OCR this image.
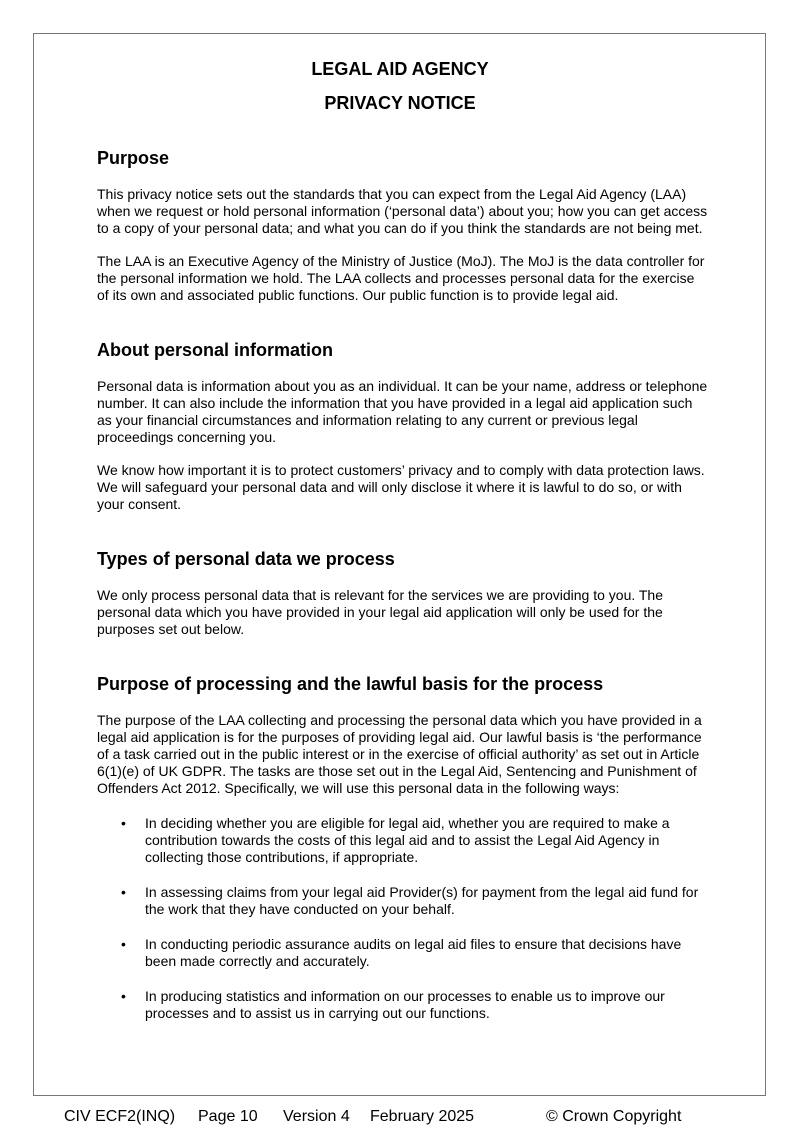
LEGAL AID AGENCY
PRIVACY NOTICE
Purpose

This privacy notice sets out the standards that you can expect from the Legal Aid Agency (LAA) when we request or hold personal information (‘personal data’) about you; how you can get access to a copy of your personal data; and what you can do if you think the standards are not being met.

The LAA is an Executive Agency of the Ministry of Justice (MoJ). The MoJ is the data controller for the personal information we hold. The LAA collects and processes personal data for the exercise of its own and associated public functions. Our public function is to provide legal aid.

About personal information

Personal data is information about you as an individual. It can be your name, address or telephone number. It can also include the information that you have provided in a legal aid application such as your financial circumstances and information relating to any current or previous legal proceedings concerning you.

We know how important it is to protect customers’ privacy and to comply with data protection laws. We will safeguard your personal data and will only disclose it where it is lawful to do so, or with your consent.

Types of personal data we process

We only process personal data that is relevant for the services we are providing to you. The personal data which you have provided in your legal aid application will only be used for the purposes set out below.

Purpose of processing and the lawful basis for the process

The purpose of the LAA collecting and processing the personal data which you have provided in a legal aid application is for the purposes of providing legal aid. Our lawful basis is ‘the performance of a task carried out in the public interest or in the exercise of official authority’ as set out in Article 6(1)(e) of UK GDPR. The tasks are those set out in the Legal Aid, Sentencing and Punishment of Offenders Act 2012. Specifically, we will use this personal data in the following ways:

• In deciding whether you are eligible for legal aid, whether you are required to make a contribution towards the costs of this legal aid and to assist the Legal Aid Agency in collecting those contributions, if appropriate.
• In assessing claims from your legal aid Provider(s) for payment from the legal aid fund for the work that they have conducted on your behalf.
• In conducting periodic assurance audits on legal aid files to ensure that decisions have been made correctly and accurately.
• In producing statistics and information on our processes to enable us to improve our processes and to assist us in carrying out our functions.
CIV ECF2(INQ) Page 10 Version 4 February 2025	© Crown Copyright
